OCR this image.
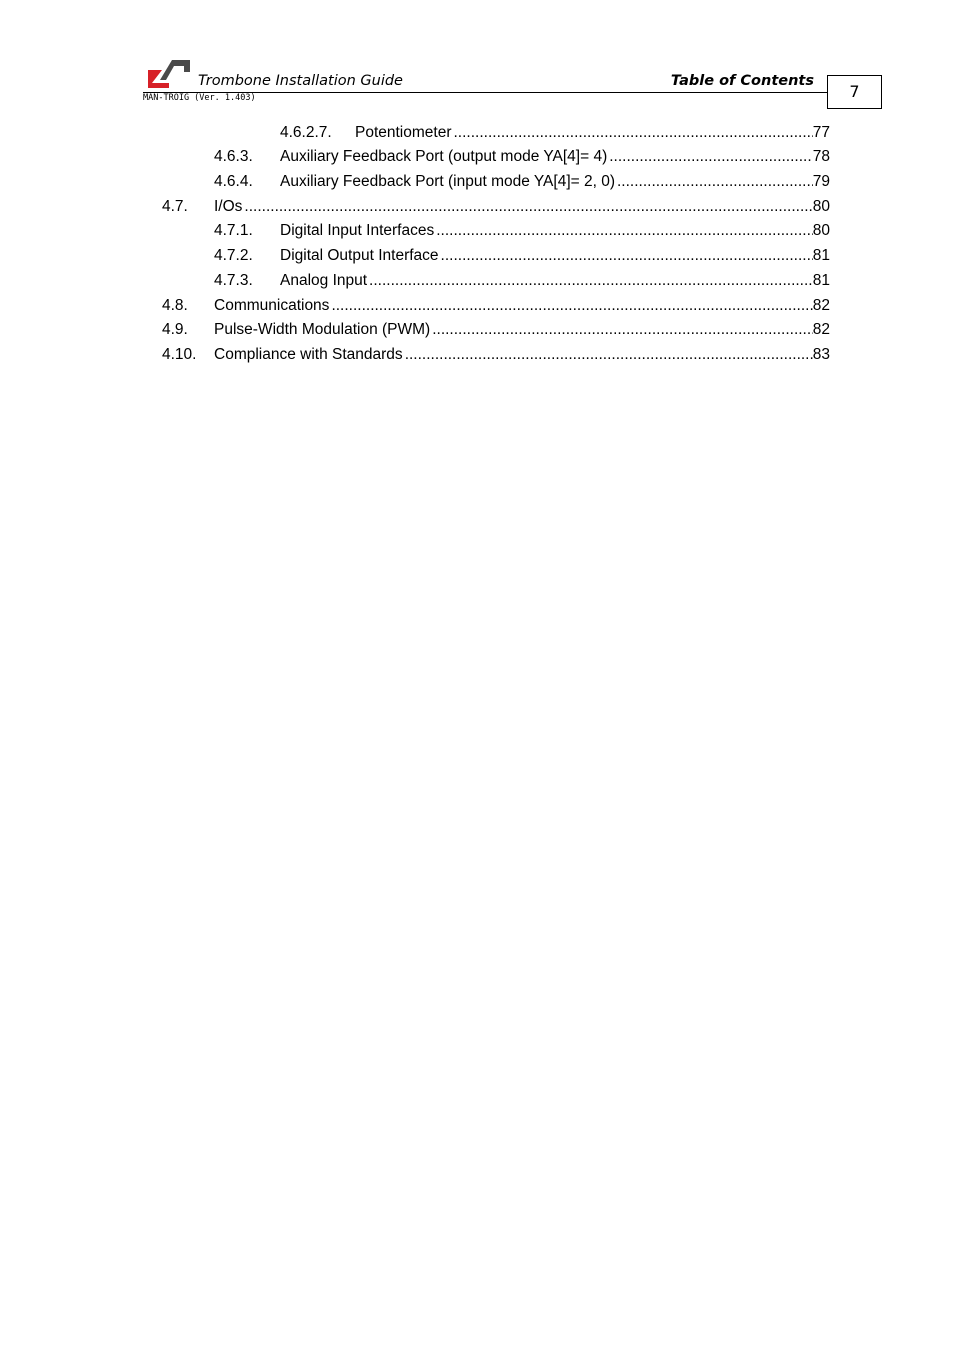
Trombone Installation Guide	Table of Contents
MAN-TROIG (Ver. 1.403)	7
4.6.2.7. Potentiometer .....	77
4.6.3. Auxiliary Feedback Port (output mode YA[4]= 4) .....	78
4.6.4. Auxiliary Feedback Port (input mode YA[4]= 2, 0) .....	79
4.7. I/Os .....	80
4.7.1. Digital Input Interfaces .....	80
4.7.2. Digital Output Interface .....	81
4.7.3. Analog Input .....	81
4.8. Communications .....	82
4.9. Pulse-Width Modulation (PWM) .....	82
4.10. Compliance with Standards .....	83
